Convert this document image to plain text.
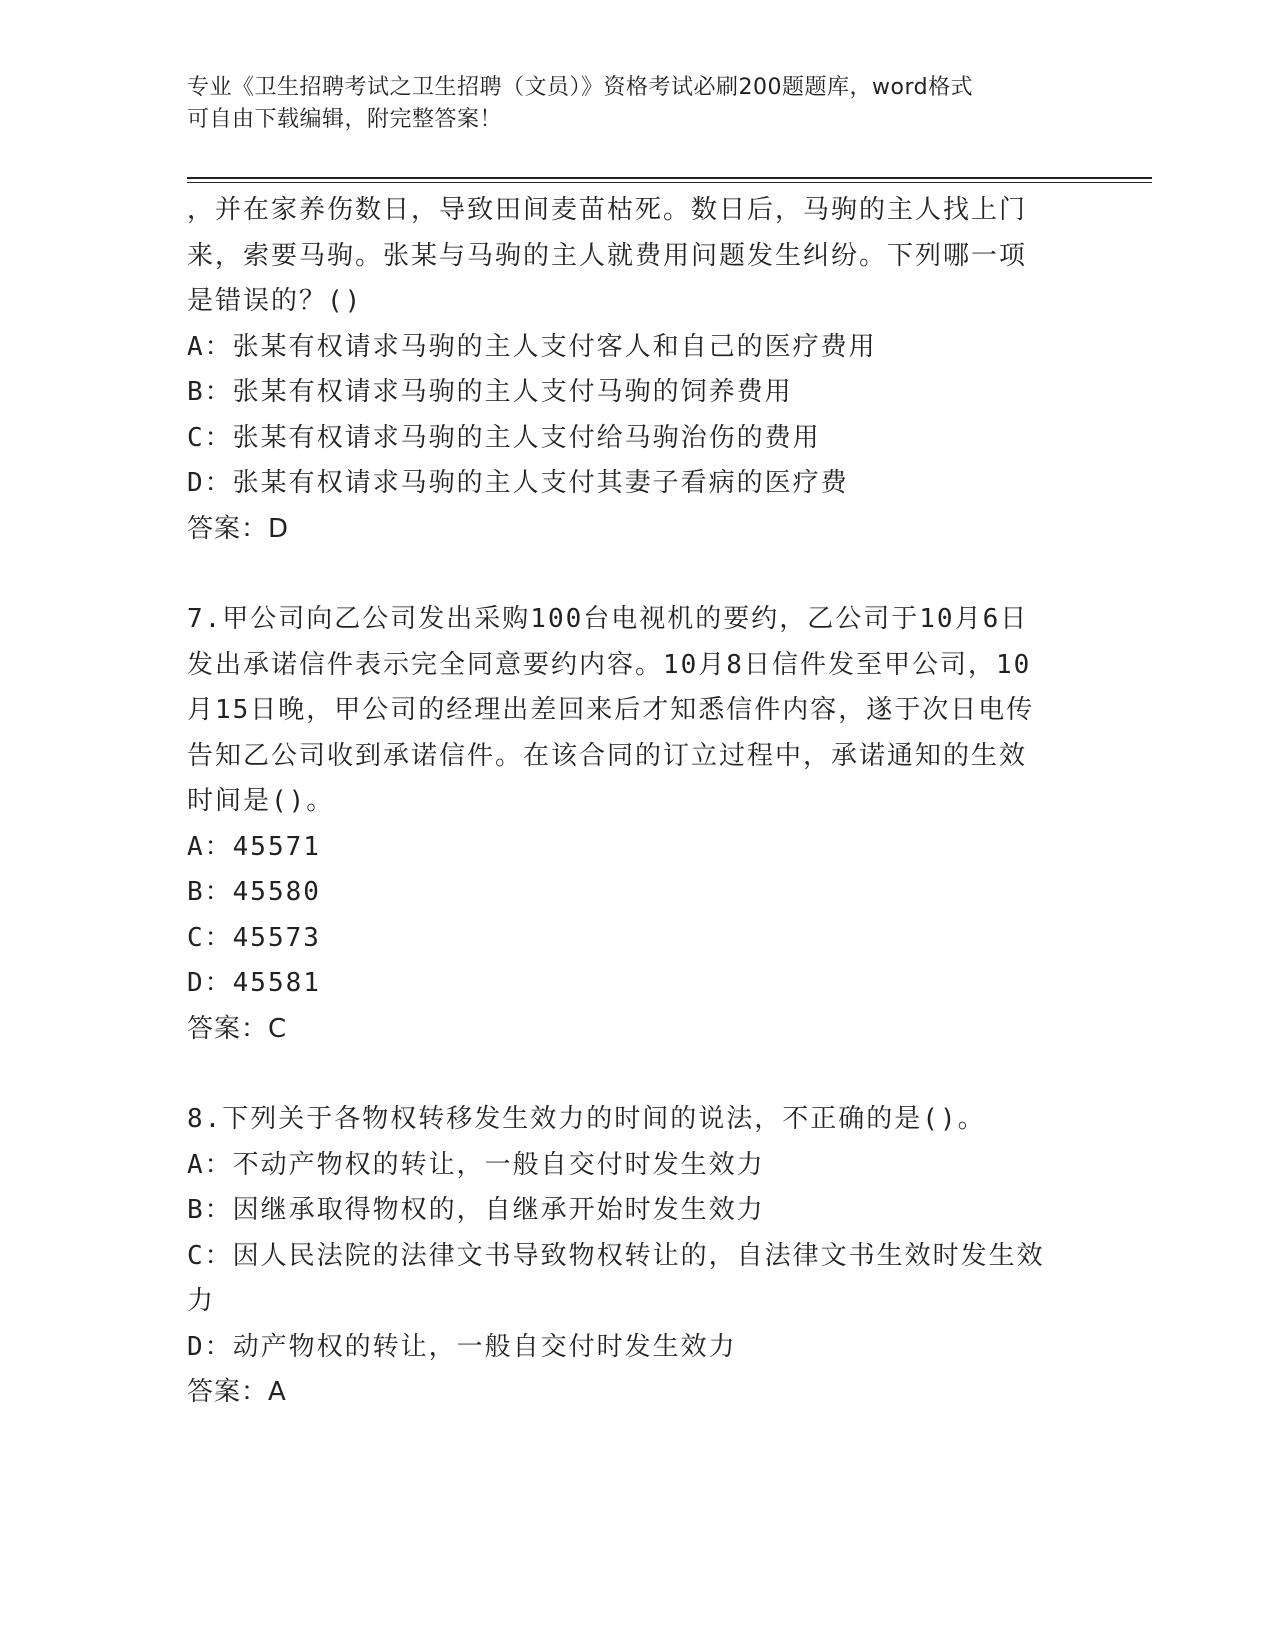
专业《卫生招聘考试之卫生招聘（文员）》资格考试必刷200题题库，word格式
可自由下载编辑，附完整答案！
，并在家养伤数日，导致田间麦苗枯死。数日后，马驹的主人找上门
来，索要马驹。张某与马驹的主人就费用问题发生纠纷。下列哪一项
是错误的？()
A：张某有权请求马驹的主人支付客人和自己的医疗费用
B：张某有权请求马驹的主人支付马驹的饲养费用
C：张某有权请求马驹的主人支付给马驹治伤的费用
D：张某有权请求马驹的主人支付其妻子看病的医疗费
答案：D
7.甲公司向乙公司发出采购100台电视机的要约，乙公司于10月6日
发出承诺信件表示完全同意要约内容。10月8日信件发至甲公司，10
月15日晚，甲公司的经理出差回来后才知悉信件内容，遂于次日电传
告知乙公司收到承诺信件。在该合同的订立过程中，承诺通知的生效
时间是()。
A：45571
B：45580
C：45573
D：45581
答案：C
8.下列关于各物权转移发生效力的时间的说法，不正确的是()。
A：不动产物权的转让，一般自交付时发生效力
B：因继承取得物权的，自继承开始时发生效力
C：因人民法院的法律文书导致物权转让的，自法律文书生效时发生效
力
D：动产物权的转让，一般自交付时发生效力
答案：A
